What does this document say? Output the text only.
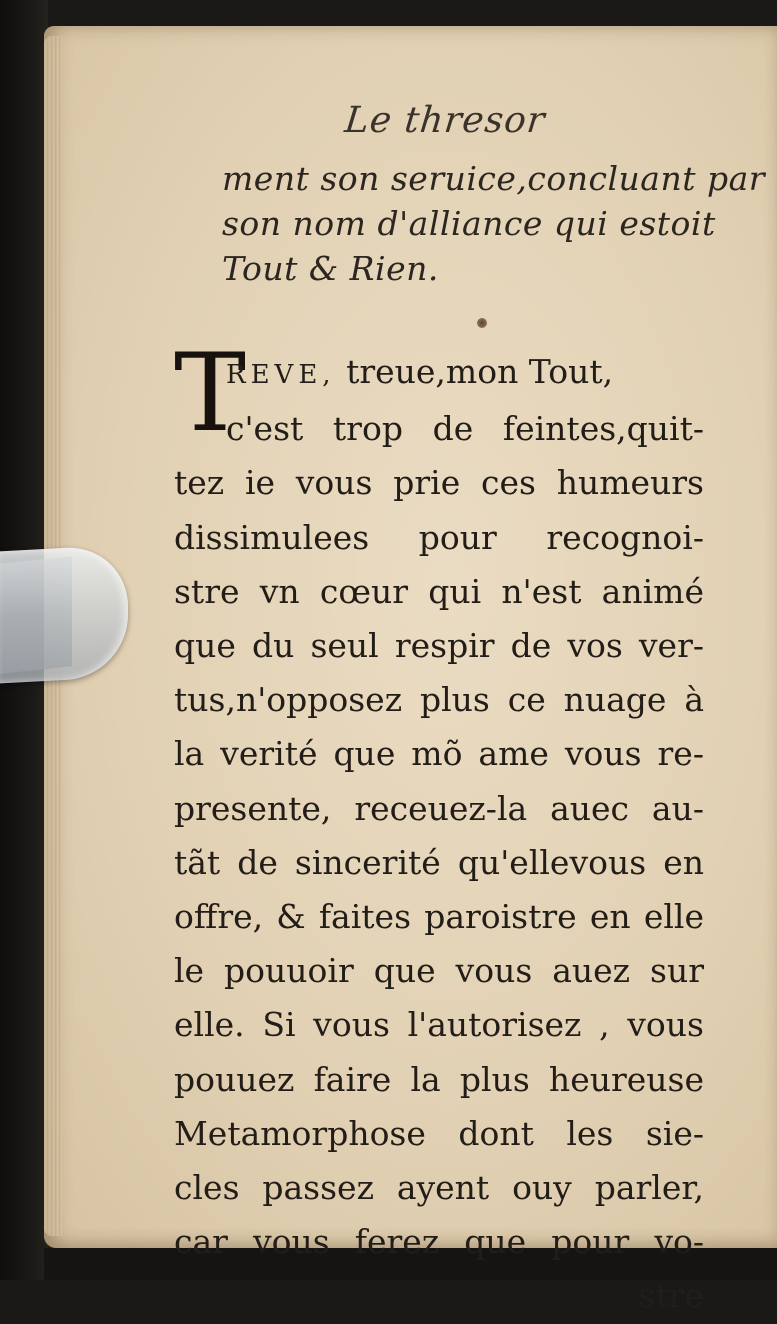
Le thresor
ment son seruice,concluant par
son nom d'alliance qui estoit
Tout & Rien.
T
REVE, treue,mon Tout,
c'est trop de feintes,quit-
tez ie vous prie ces humeurs
dissimulees pour recognoi-
stre vn cœur qui n'est animé
que du seul respir de vos ver-
tus,n'opposez plus ce nuage à
la verité que mõ ame vous re-
presente, receuez-la auec au-
tãt de sincerité qu'ellevous en
offre, & faites paroistre en elle
le pouuoir que vous auez sur
elle. Si vous l'autorisez , vous
pouuez faire la plus heureuse
Metamorphose dont les sie-
cles passez ayent ouy parler,
car vous ferez que pour vo-
stre
